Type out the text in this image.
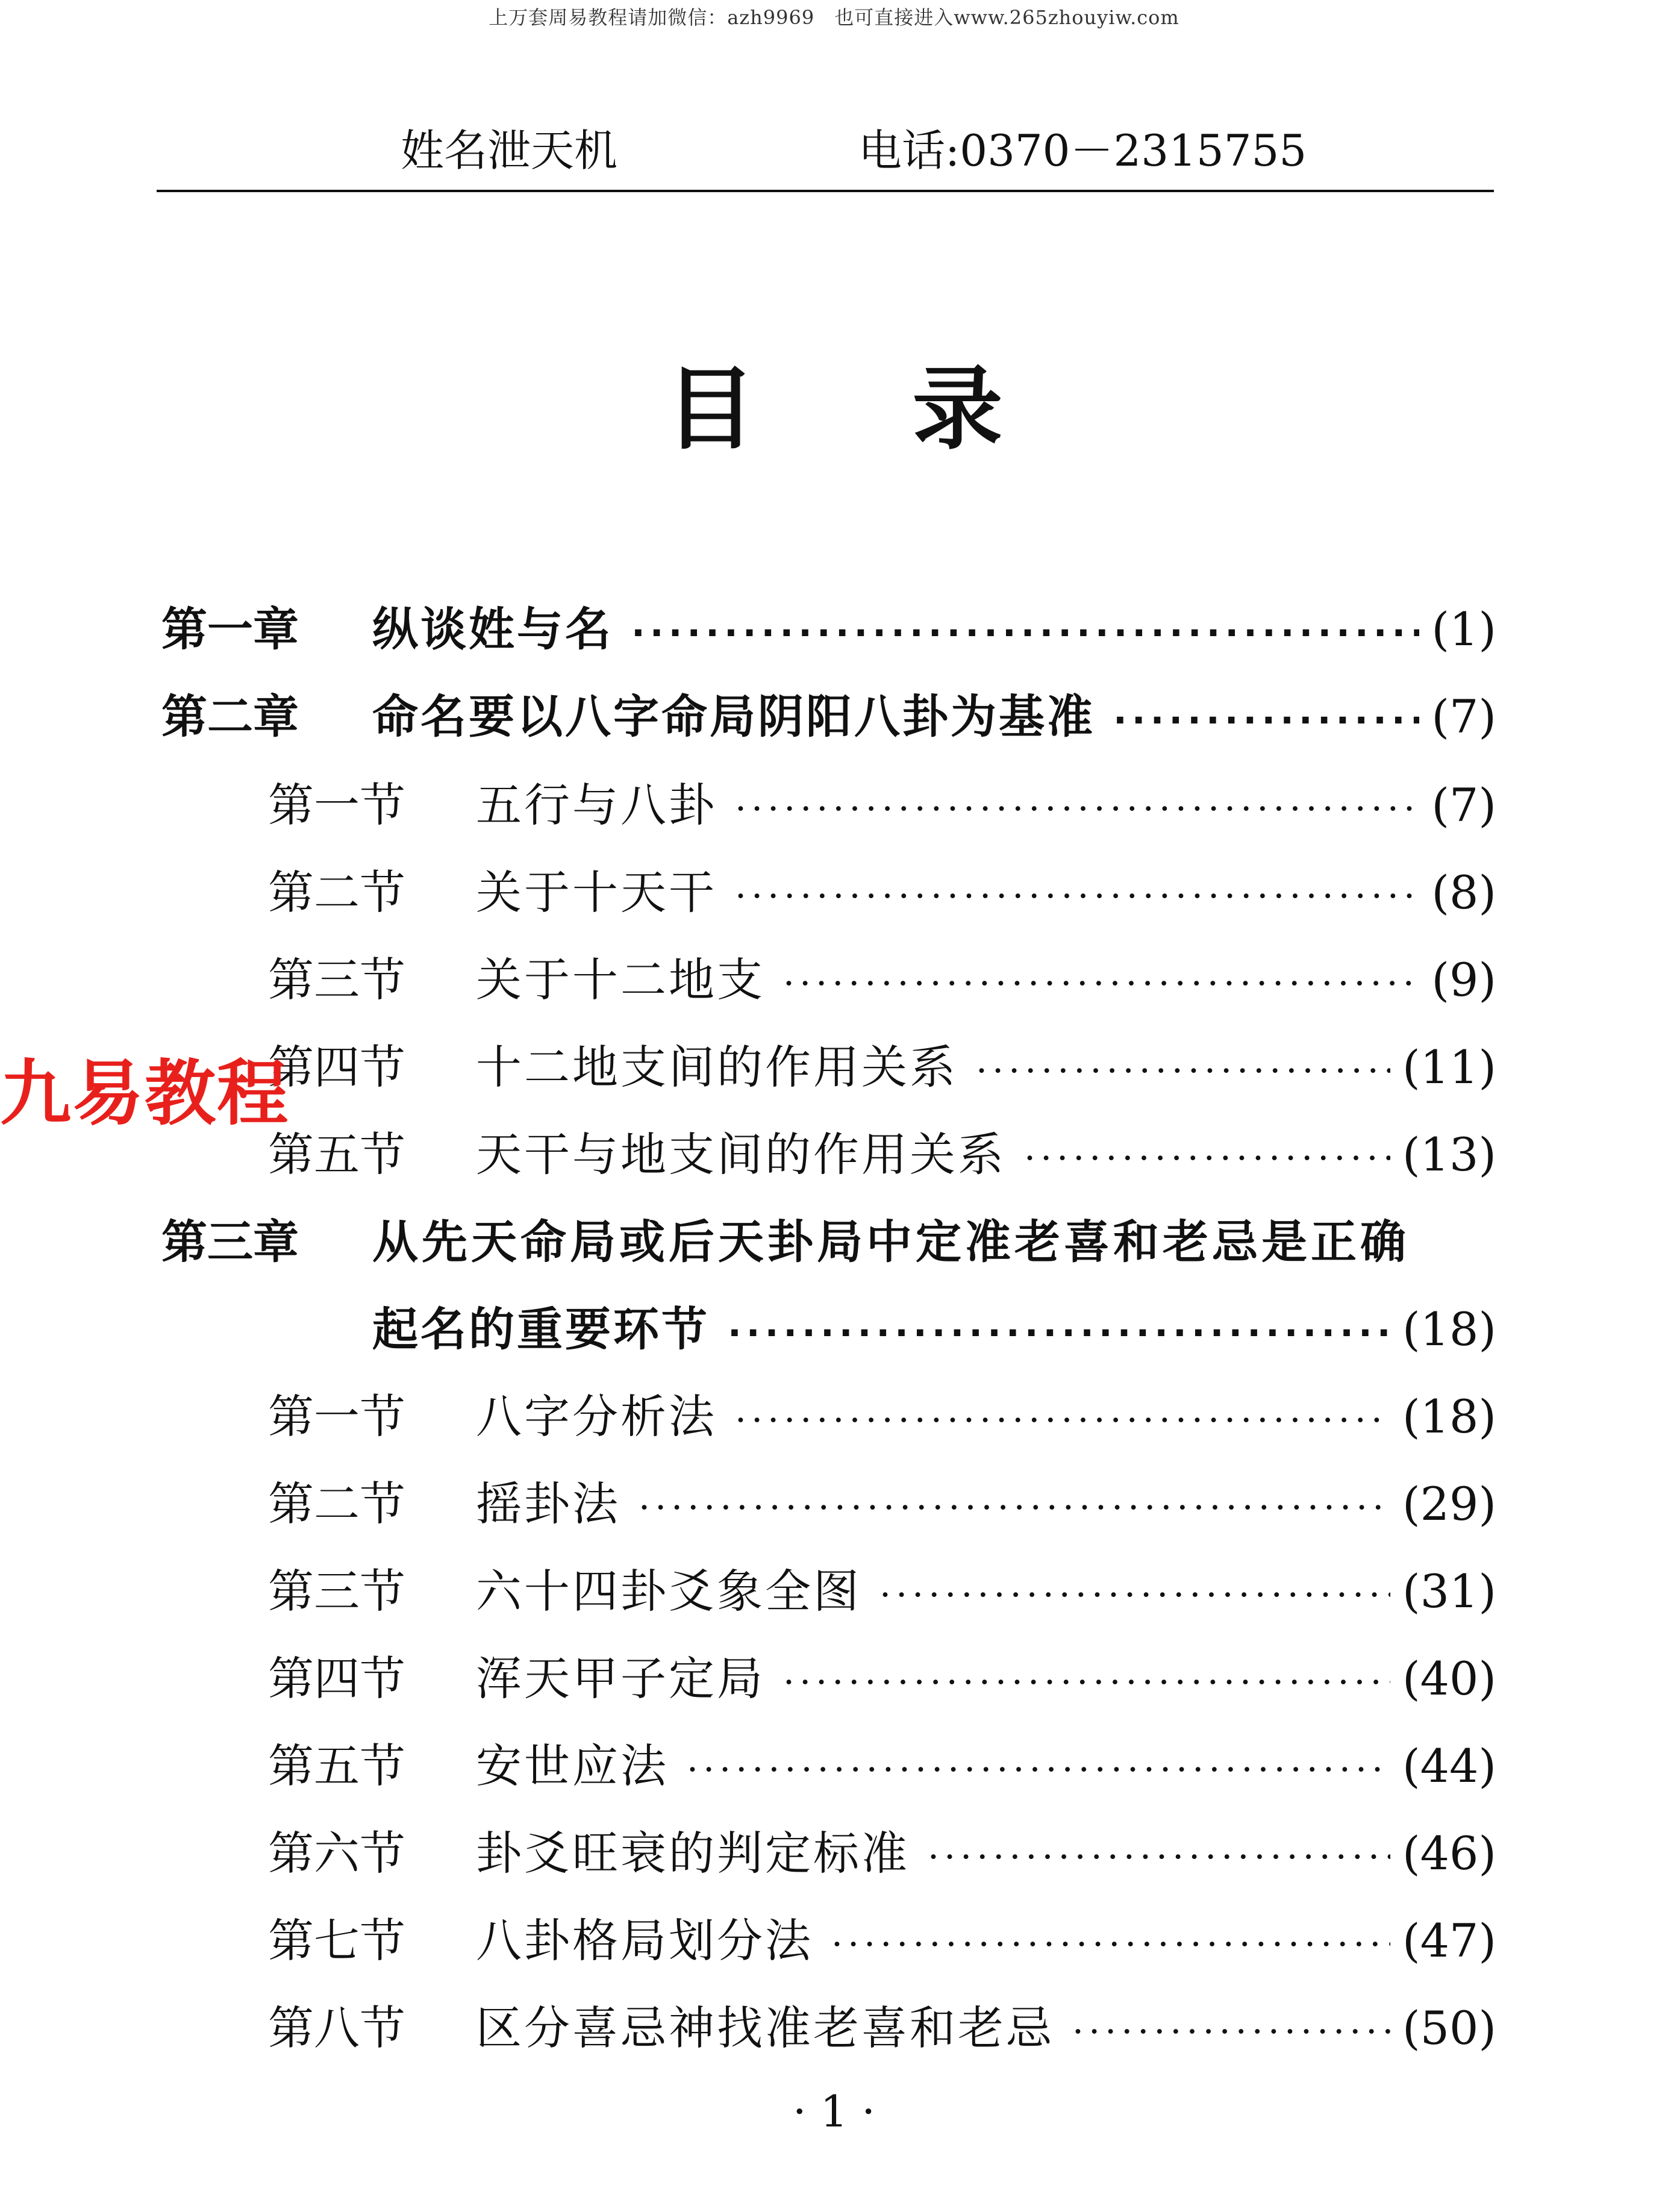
上万套周易教程请加微信：azh9969　也可直接进入www.265zhouyiw.com
姓名泄天机	电话:0370－2315755
目录
第一章	纵谈姓与名 ·····	(1)
第二章	命名要以八字命局阴阳八卦为基准 ·····	(7)
第一节	五行与八卦 ·····	(7)
第二节	关于十天干 ·····	(8)
第三节	关于十二地支 ·····	(9)
第四节	十二地支间的作用关系 ·····	(11)
第五节	天干与地支间的作用关系 ·····	(13)
第三章	从先天命局或后天卦局中定准老喜和老忌是正确
起名的重要环节 ·····	(18)
第一节	八字分析法 ·····	(18)
第二节	摇卦法 ·····	(29)
第三节	六十四卦爻象全图 ·····	(31)
第四节	浑天甲子定局 ·····	(40)
第五节	安世应法 ·····	(44)
第六节	卦爻旺衰的判定标准 ·····	(46)
第七节	八卦格局划分法 ·····	(47)
第八节	区分喜忌神找准老喜和老忌 ·····	(50)
九易教程
· 1 ·
